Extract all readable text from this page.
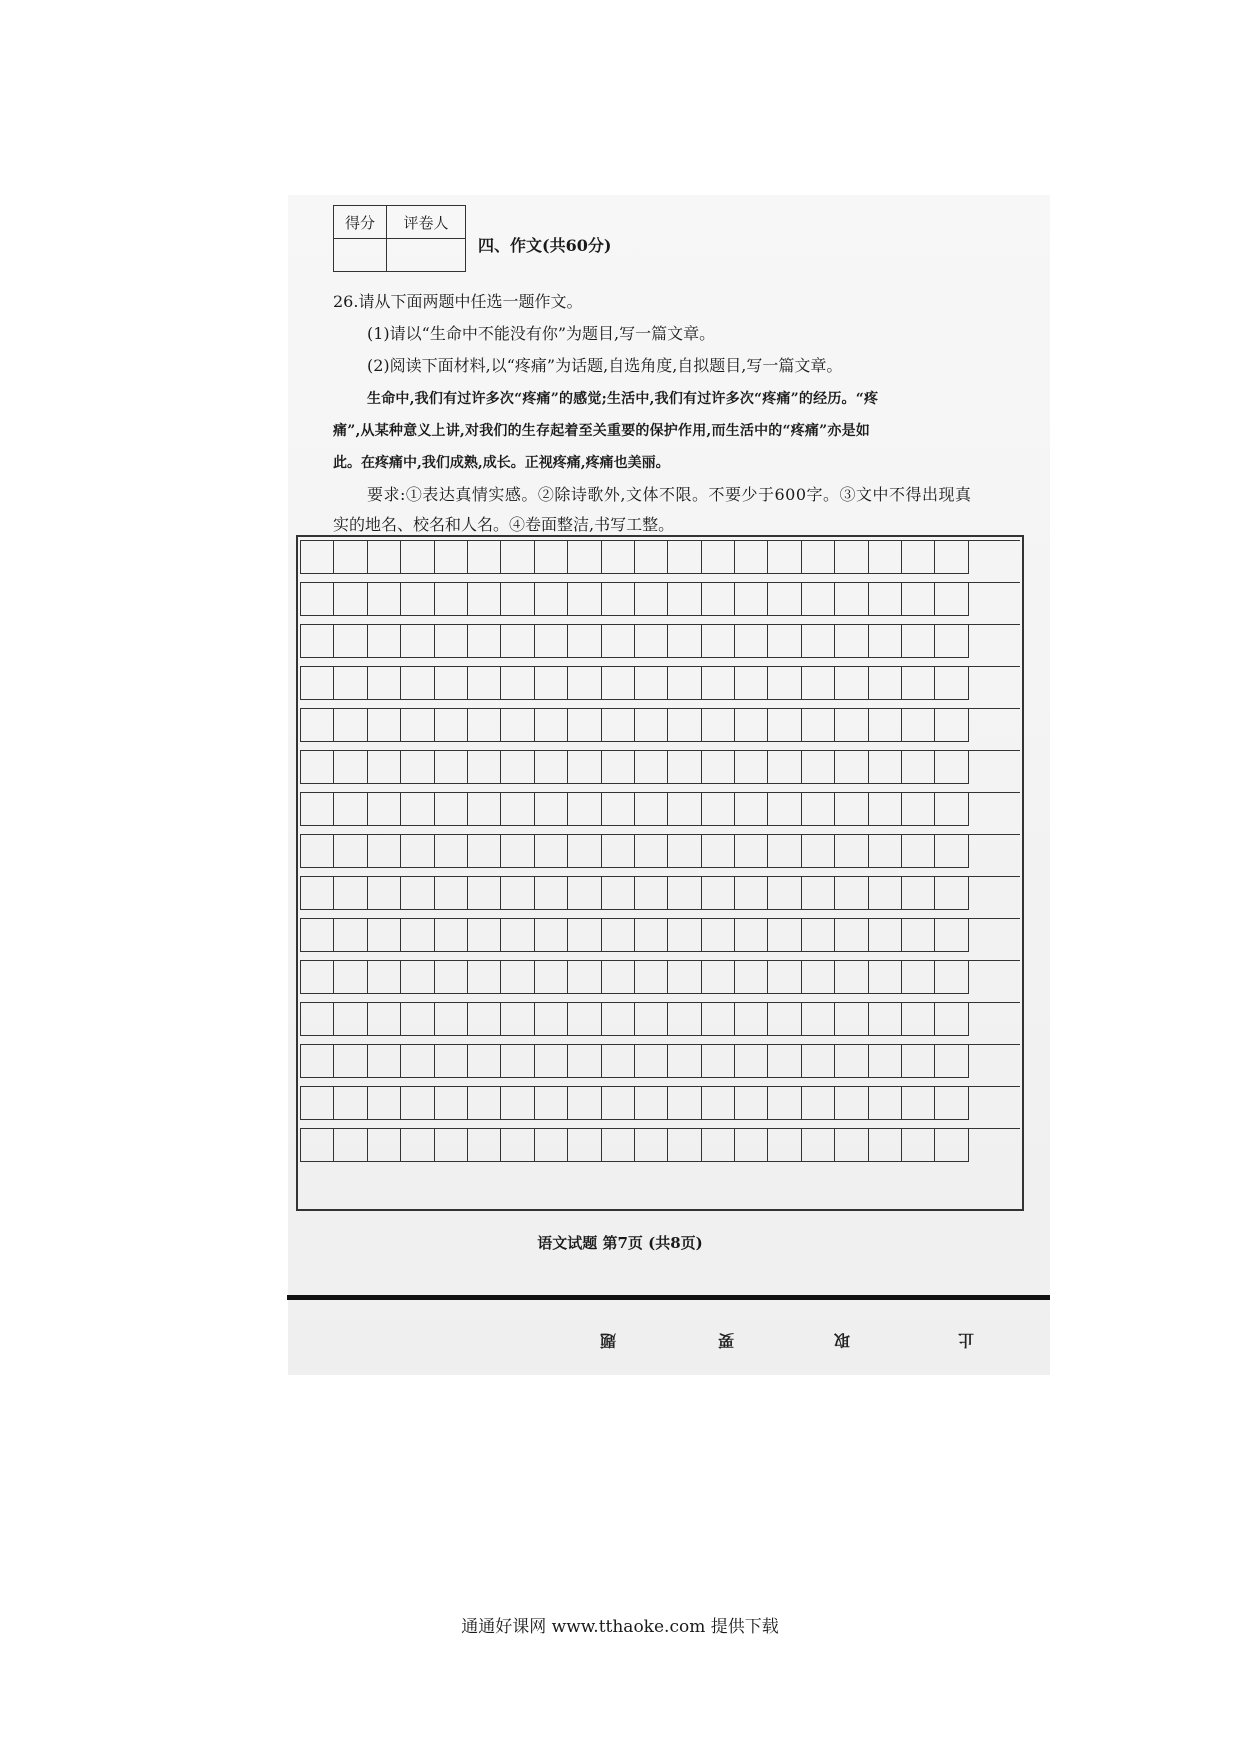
得分	评卷人

四、作文(共60分)
26.请从下面两题中任选一题作文。
(1)请以“生命中不能没有你”为题目,写一篇文章。
(2)阅读下面材料,以“疼痛”为话题,自选角度,自拟题目,写一篇文章。
生命中,我们有过许多次“疼痛”的感觉;生活中,我们有过许多次“疼痛”的经历。“疼
痛”,从某种意义上讲,对我们的生存起着至关重要的保护作用,而生活中的“疼痛”亦是如
此。在疼痛中,我们成熟,成长。正视疼痛,疼痛也美丽。
要求:①表达真情实感。②除诗歌外,文体不限。不要少于600字。③文中不得出现真
实的地名、校名和人名。④卷面整洁,书写工整。
语文试题 第7页 (共8页)
题	要	取	止
通通好课网 www.tthaoke.com 提供下载
